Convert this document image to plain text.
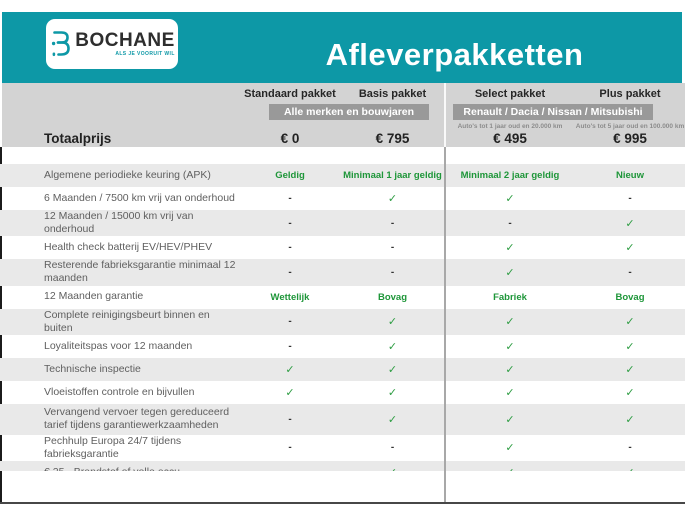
BOCHANE
ALS JE VOORUIT WIL	Afleverpakketten
Standaard pakket	Basis pakket	Select pakket	Plus pakket
Alle merken en bouwjaren	Renault / Dacia / Nissan / Mitsubishi
Auto's tot 1 jaar oud en 20.000 km	Auto's tot 5 jaar oud en 100.000 km
Totaalprijs	€ 0	€ 795	€ 495	€ 995
Algemene periodieke keuring (APK)	Geldig	Minimaal 1 jaar geldig	Minimaal 2 jaar geldig	Nieuw
6 Maanden / 7500 km vrij van onderhoud	-	✓	✓	-
12 Maanden / 15000 km vrij van onderhoud	-	-	-	✓
Health check batterij EV/HEV/PHEV	-	-	✓	✓
Resterende fabrieksgarantie minimaal 12 maanden	-	-	✓	-
12 Maanden garantie	Wettelijk	Bovag	Fabriek	Bovag
Complete reinigingsbeurt binnen en buiten	-	✓	✓	✓
Loyaliteitspas voor 12 maanden	-	✓	✓	✓
Technische inspectie	✓	✓	✓	✓
Vloeistoffen controle en bijvullen	✓	✓	✓	✓
Vervangend vervoer tegen gereduceerd tarief tijdens garantiewerkzaamheden	-	✓	✓	✓
Pechhulp Europa 24/7 tijdens fabrieksgarantie	-	-	✓	-
